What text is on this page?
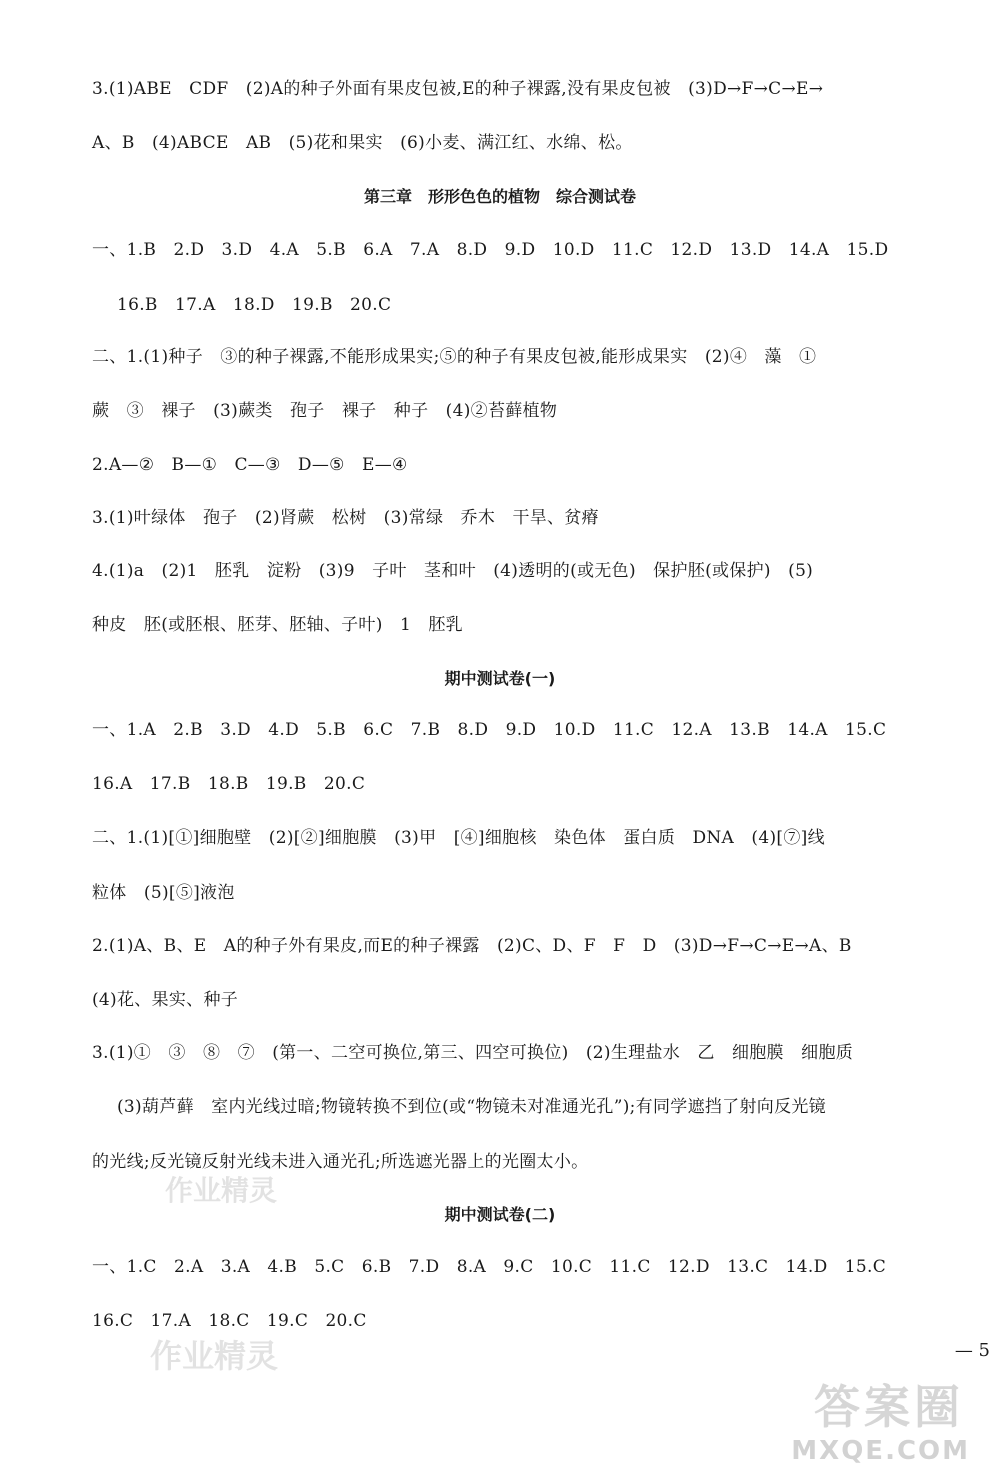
3.(1)ABE　CDF　(2)A的种子外面有果皮包被,E的种子裸露,没有果皮包被　(3)D→F→C→E→
A、B　(4)ABCE　AB　(5)花和果实　(6)小麦、满江红、水绵、松。
第三章　形形色色的植物　综合测试卷
一、1.B　2.D　3.D　4.A　5.B　6.A　7.A　8.D　9.D　10.D　11.C　12.D　13.D　14.A　15.D
16.B　17.A　18.D　19.B　20.C
二、1.(1)种子　③的种子裸露,不能形成果实;⑤的种子有果皮包被,能形成果实　(2)④　藻　①
蕨　③　裸子　(3)蕨类　孢子　裸子　种子　(4)②苔藓植物
2.A—②　B—①　C—③　D—⑤　E—④
3.(1)叶绿体　孢子　(2)肾蕨　松树　(3)常绿　乔木　干旱、贫瘠
4.(1)a　(2)1　胚乳　淀粉　(3)9　子叶　茎和叶　(4)透明的(或无色)　保护胚(或保护)　(5)
种皮　胚(或胚根、胚芽、胚轴、子叶)　1　胚乳
期中测试卷(一)
一、1.A　2.B　3.D　4.D　5.B　6.C　7.B　8.D　9.D　10.D　11.C　12.A　13.B　14.A　15.C
16.A　17.B　18.B　19.B　20.C
二、1.(1)[①]细胞壁　(2)[②]细胞膜　(3)甲　[④]细胞核　染色体　蛋白质　DNA　(4)[⑦]线
粒体　(5)[⑤]液泡
2.(1)A、B、E　A的种子外有果皮,而E的种子裸露　(2)C、D、F　F　D　(3)D→F→C→E→A、B
(4)花、果实、种子
3.(1)①　③　⑧　⑦　(第一、二空可换位,第三、四空可换位)　(2)生理盐水　乙　细胞膜　细胞质
(3)葫芦藓　室内光线过暗;物镜转换不到位(或“物镜未对准通光孔”);有同学遮挡了射向反光镜
的光线;反光镜反射光线未进入通光孔;所选遮光器上的光圈太小。
作业精灵
期中测试卷(二)
一、1.C　2.A　3.A　4.B　5.C　6.B　7.D　8.A　9.C　10.C　11.C　12.D　13.C　14.D　15.C
16.C　17.A　18.C　19.C　20.C
作业精灵	— 5
答案圈
MXQE.COM
